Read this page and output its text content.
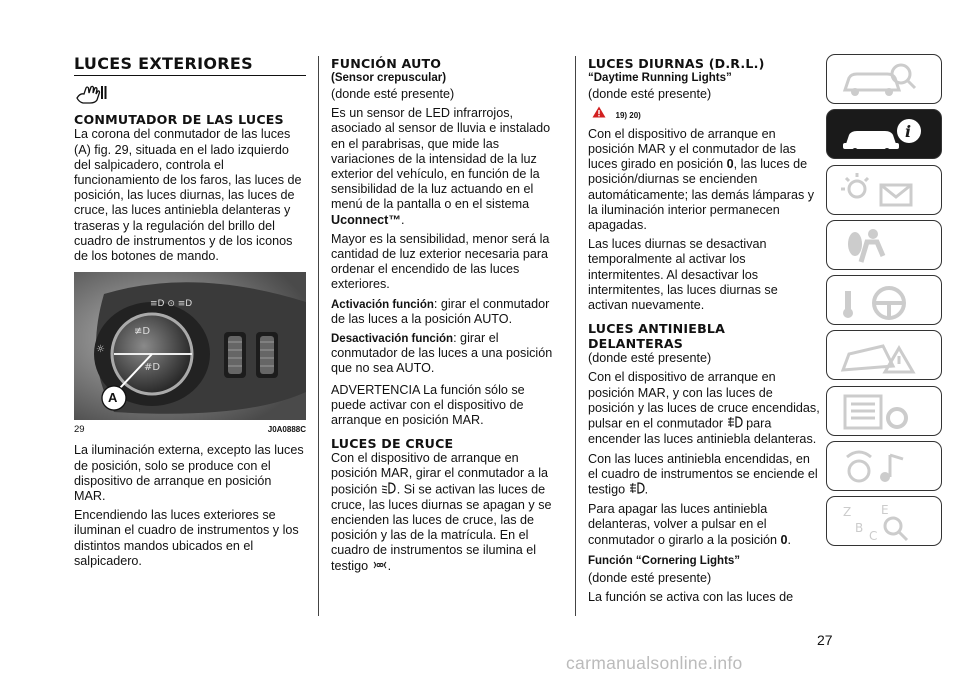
LUCES EXTERIORES
CONMUTADOR DE LAS LUCES

La corona del conmutador de las luces (A) fig. 29, situada en el lado izquierdo del salpicadero, controla el funcionamiento de los faros, las luces de posición, las luces diurnas, las luces de cruce, las luces antiniebla delanteras y traseras y la regulación del brillo del cuadro de instrumentos y de los iconos de los botones de mando.

≢D
#D
☼
≡D ⊙ ≡D
A
29	J0A0888C

La iluminación externa, excepto las luces de posición, solo se produce con el dispositivo de arranque en posición MAR.

Encendiendo las luces exteriores se iluminan el cuadro de instrumentos y los distintos mandos ubicados en el salpicadero.

FUNCIÓN AUTO
(Sensor crepuscular)

(donde esté presente)

Es un sensor de LED infrarrojos, asociado al sensor de lluvia e instalado en el parabrisas, que mide las variaciones de la intensidad de la luz exterior del vehículo, en función de la sensibilidad de la luz actuando en el menú de la pantalla o en el sistema Uconnect™.

Mayor es la sensibilidad, menor será la cantidad de luz exterior necesaria para ordenar el encendido de las luces exteriores.

Activación función: girar el conmutador de las luces a la posición AUTO.

Desactivación función: girar el conmutador de las luces a una posición que no sea AUTO.

ADVERTENCIA La función sólo se puede activar con el dispositivo de arranque en posición MAR.

LUCES DE CRUCE

Con el dispositivo de arranque en posición MAR, girar el conmutador a la posición . Si se activan las luces de cruce, las luces diurnas se apagan y se encienden las luces de cruce, las de posición y las de la matrícula. En el cuadro de instrumentos se ilumina el testigo .

LUCES DIURNAS (D.R.L.)
“Daytime Running Lights”

(donde esté presente)

19) 20)

Con el dispositivo de arranque en posición MAR y el conmutador de las luces girado en posición 0, las luces de posición/diurnas se encienden automáticamente; las demás lámparas y la iluminación interior permanecen apagadas.

Las luces diurnas se desactivan temporalmente al activar los intermitentes. Al desactivar los intermitentes, las luces diurnas se activan nuevamente.

LUCES ANTINIEBLA DELANTERAS

(donde esté presente)

Con el dispositivo de arranque en posición MAR, y con las luces de posición y las luces de cruce encendidas, pulsar en el conmutador  para encender las luces antiniebla delanteras.

Con las luces antiniebla encendidas, en el cuadro de instrumentos se enciende el testigo .

Para apagar las luces antiniebla delanteras, volver a pulsar en el conmutador o girarlo a la posición 0.

Función “Cornering Lights”

(donde esté presente)

La función se activa con las luces de

i
Z
B
C
E
27
carmanualsonline.info
